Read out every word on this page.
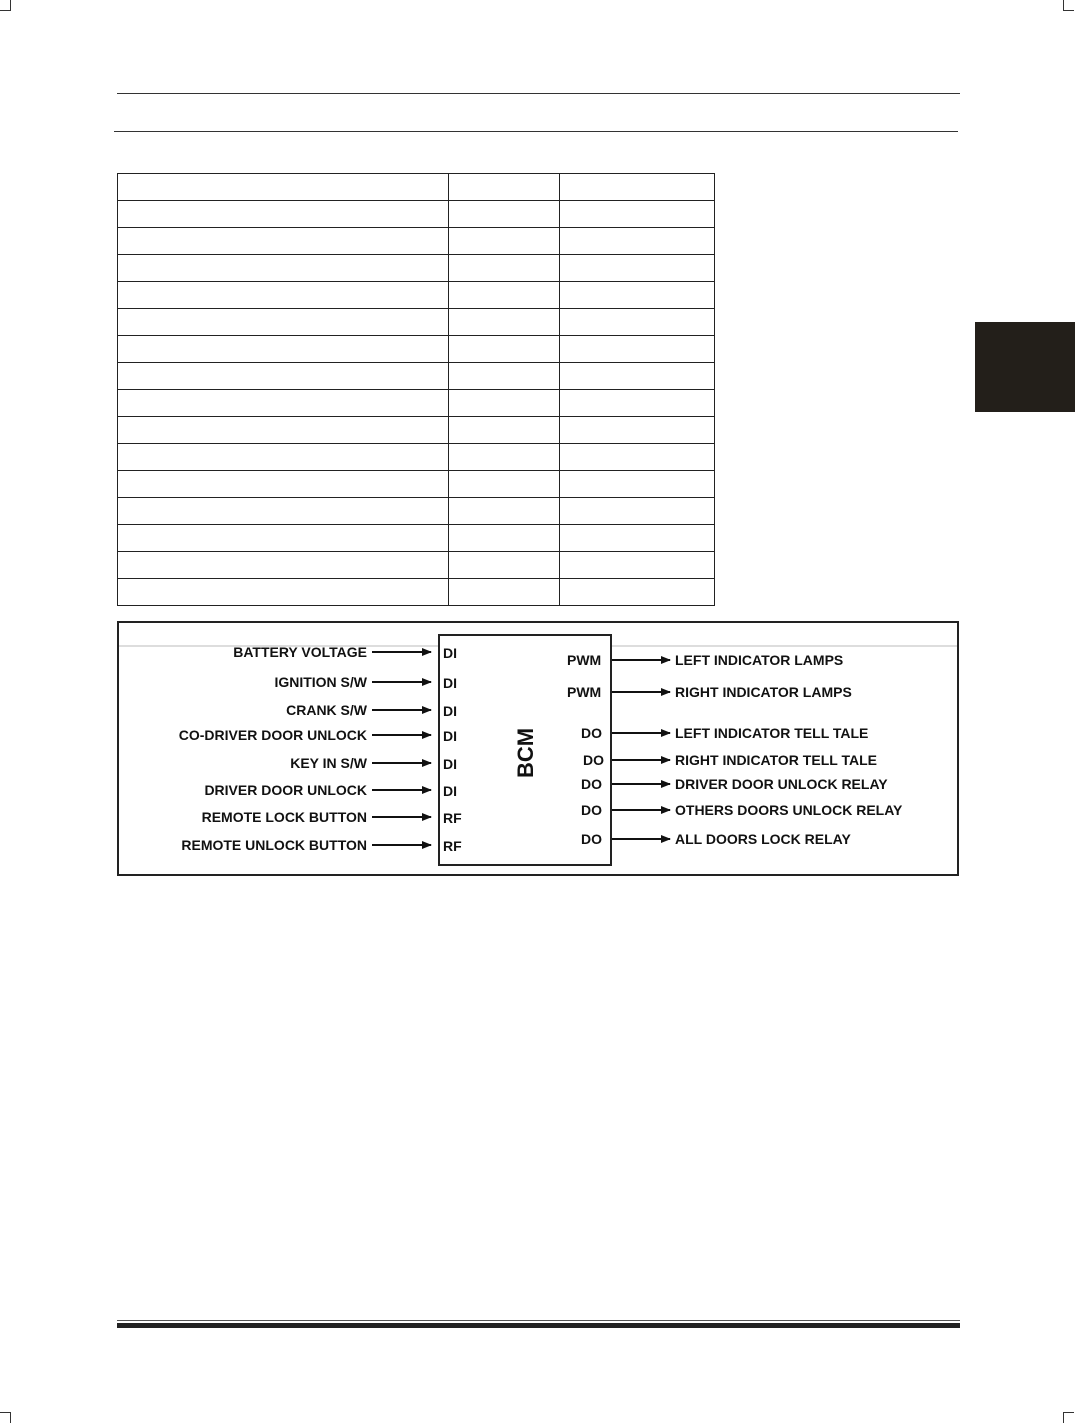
BCM
BATTERY VOLTAGE	DI
IGNITION S/W	DI
CRANK S/W	DI
CO-DRIVER DOOR UNLOCK	DI
KEY IN S/W	DI
DRIVER DOOR UNLOCK	DI
REMOTE LOCK BUTTON	RF
REMOTE UNLOCK BUTTON	RF
PWM	LEFT INDICATOR LAMPS
PWM	RIGHT INDICATOR LAMPS
DO	LEFT INDICATOR TELL TALE
DO	RIGHT INDICATOR TELL TALE
DO	DRIVER DOOR UNLOCK RELAY
DO	OTHERS DOORS UNLOCK RELAY
DO	ALL DOORS LOCK RELAY
